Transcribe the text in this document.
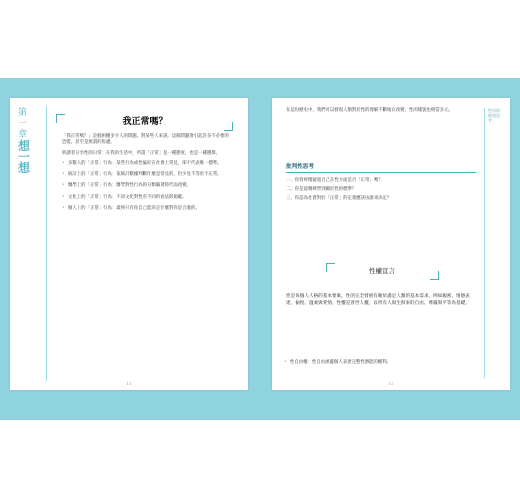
第一章
想一想
我正常嗎？

「我正常嗎？」是個困擾多少人的問題。對某些人來說，這個問題會引起許多不必要的恐慌，甚至是無謂的焦慮。

與讀者分享性的日常：在我的生活中，所謂「正常」是一種態度，也是一種選擇。

• 多數人的「正常」行為：某些行為或性偏好在社會上常見，卻不代表唯一標準。
• 統計上的「正常」行為：依統計數據判斷什麼是常見的，但少見不等於不正常。
• 醫學上的「正常」行為：醫學對性行為的分類隨著時代而改變。
• 文化上的「正常」行為：不同文化對性有不同的看法與規範。
• 個人上的「正常」行為：最終只有你自己能決定什麼對你是合適的。
11
在這份歷史中，我們可以發現人類對於性的理解不斷地在改變，性的樣貌也相當多元。
批判性思考
一、你曾經懷疑過自己在性方面是否「正常」嗎？
二、你是從哪裡學到關於性的標準？
三、你認為社會對於「正常」的定義應該由誰來決定？
性別與健康思考
性權宣言
性是每個人人格的基本要素，性的完全發展有賴於滿足人類的基本需求，例如親密、情感表達、愉悅、溫柔與愛情。性權是普世人權，以所有人與生俱來的自由、尊嚴與平等為基礎。
• 性自由權：性自由涵蓋個人表達完整性潛能的權利。
12
